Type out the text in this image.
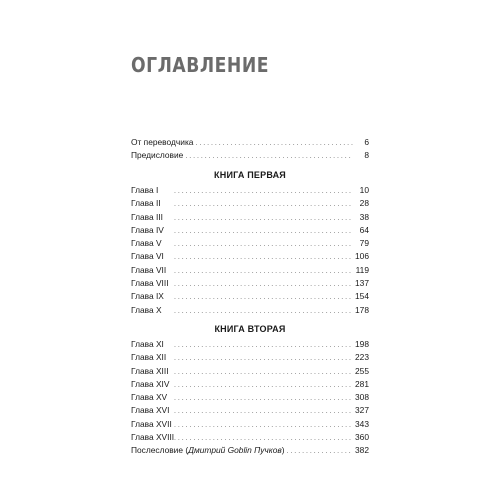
ОГЛАВЛЕНИЕ
От переводчика . . .	6
Предисловие . . .	8
КНИГА ПЕРВАЯ
Глава I . . .	10
Глава II . . .	28
Глава III . . .	38
Глава IV . . .	64
Глава V . . .	79
Глава VI . . .	106
Глава VII . . .	119
Глава VIII . . .	137
Глава IX . . .	154
Глава X . . .	178
КНИГА ВТОРАЯ
Глава XI . . .	198
Глава XII . . .	223
Глава XIII . . .	255
Глава XIV . . .	281
Глава XV . . .	308
Глава XVI . . .	327
Глава XVII . . .	343
Глава XVIII . . .	360
Послесловие (Дмитрий Goblin Пучков) . . .	382
